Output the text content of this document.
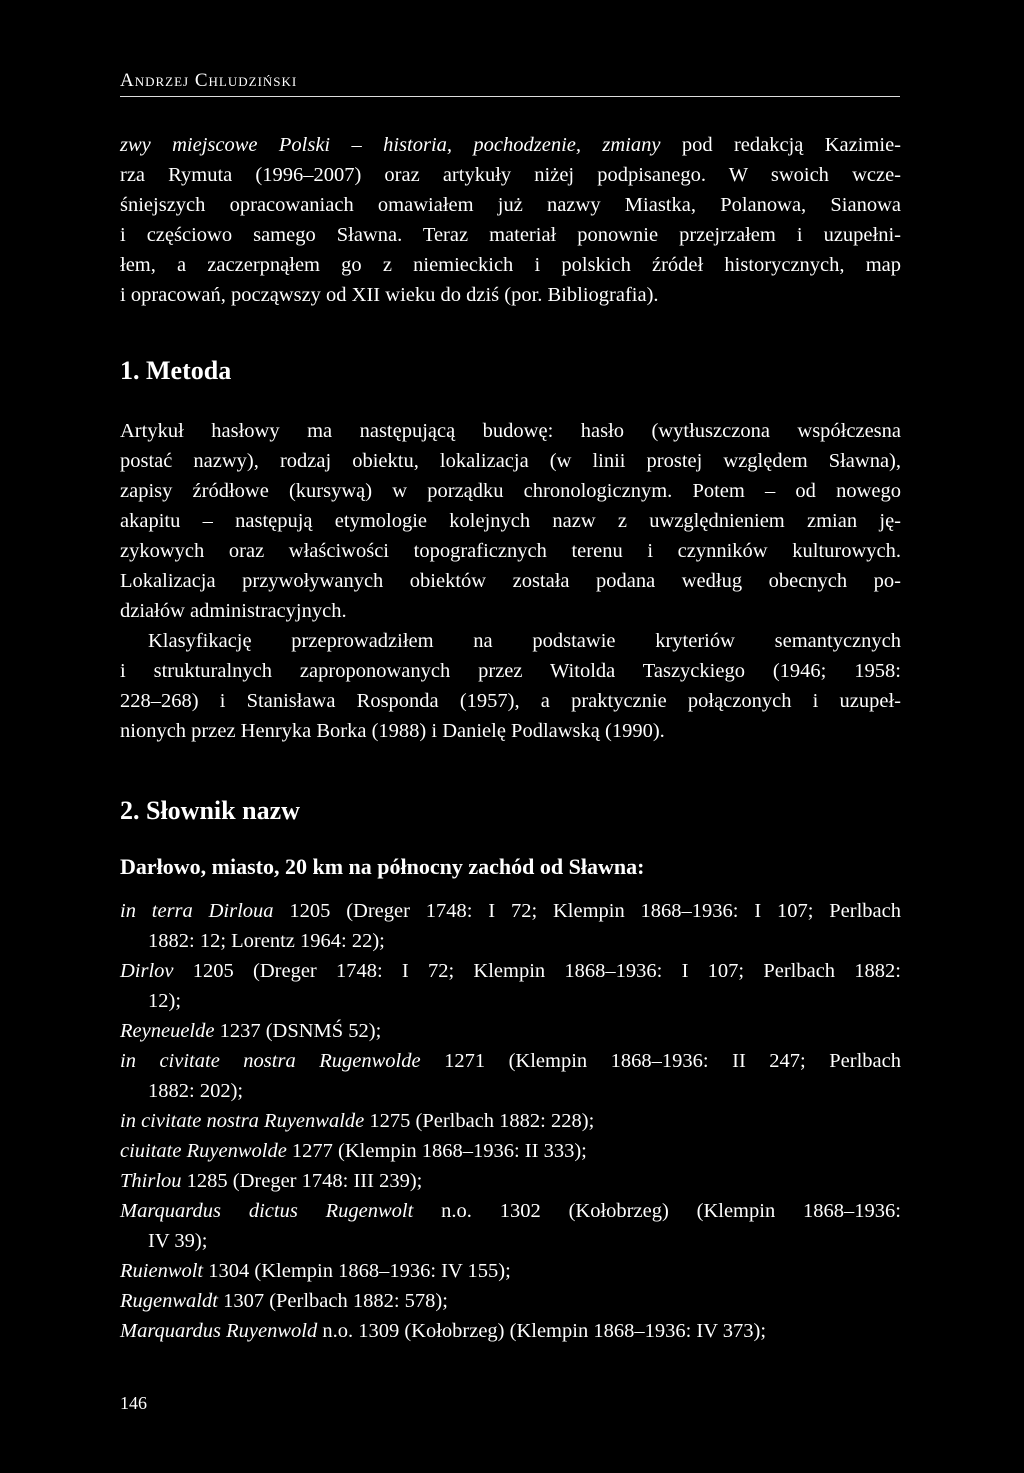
Andrzej Chludziński
zwy miejscowe Polski – historia, pochodzenie, zmiany pod redakcją Kazimie-
rza Rymuta (1996–2007) oraz artykuły niżej podpisanego. W swoich wcze-
śniejszych opracowaniach omawiałem już nazwy Miastka, Polanowa, Sianowa
i częściowo samego Sławna. Teraz materiał ponownie przejrzałem i uzupełni-
łem, a zaczerpnąłem go z niemieckich i polskich źródeł historycznych, map
i opracowań, począwszy od XII wieku do dziś (por. Bibliografia).
1. Metoda
Artykuł hasłowy ma następującą budowę: hasło (wytłuszczona współczesna
postać nazwy), rodzaj obiektu, lokalizacja (w linii prostej względem Sławna),
zapisy źródłowe (kursywą) w porządku chronologicznym. Potem – od nowego
akapitu – następują etymologie kolejnych nazw z uwzględnieniem zmian ję-
zykowych oraz właściwości topograficznych terenu i czynników kulturowych.
Lokalizacja przywoływanych obiektów została podana według obecnych po-
działów administracyjnych.
Klasyfikację przeprowadziłem na podstawie kryteriów semantycznych
i strukturalnych zaproponowanych przez Witolda Taszyckiego (1946; 1958:
228–268) i Stanisława Rosponda (1957), a praktycznie połączonych i uzupeł-
nionych przez Henryka Borka (1988) i Danielę Podlawską (1990).
2. Słownik nazw
Darłowo, miasto, 20 km na północny zachód od Sławna:
in terra Dirloua 1205 (Dreger 1748: I 72; Klempin 1868–1936: I 107; Perlbach
1882: 12; Lorentz 1964: 22);
Dirlov 1205 (Dreger 1748: I 72; Klempin 1868–1936: I 107; Perlbach 1882:
12);
Reyneuelde 1237 (DSNMŚ 52);
in civitate nostra Rugenwolde 1271 (Klempin 1868–1936: II 247; Perlbach
1882: 202);
in civitate nostra Ruyenwalde 1275 (Perlbach 1882: 228);
ciuitate Ruyenwolde 1277 (Klempin 1868–1936: II 333);
Thirlou 1285 (Dreger 1748: III 239);
Marquardus dictus Rugenwolt n.o. 1302 (Kołobrzeg) (Klempin 1868–1936:
IV 39);
Ruienwolt 1304 (Klempin 1868–1936: IV 155);
Rugenwaldt 1307 (Perlbach 1882: 578);
Marquardus Ruyenwold n.o. 1309 (Kołobrzeg) (Klempin 1868–1936: IV 373);
146
